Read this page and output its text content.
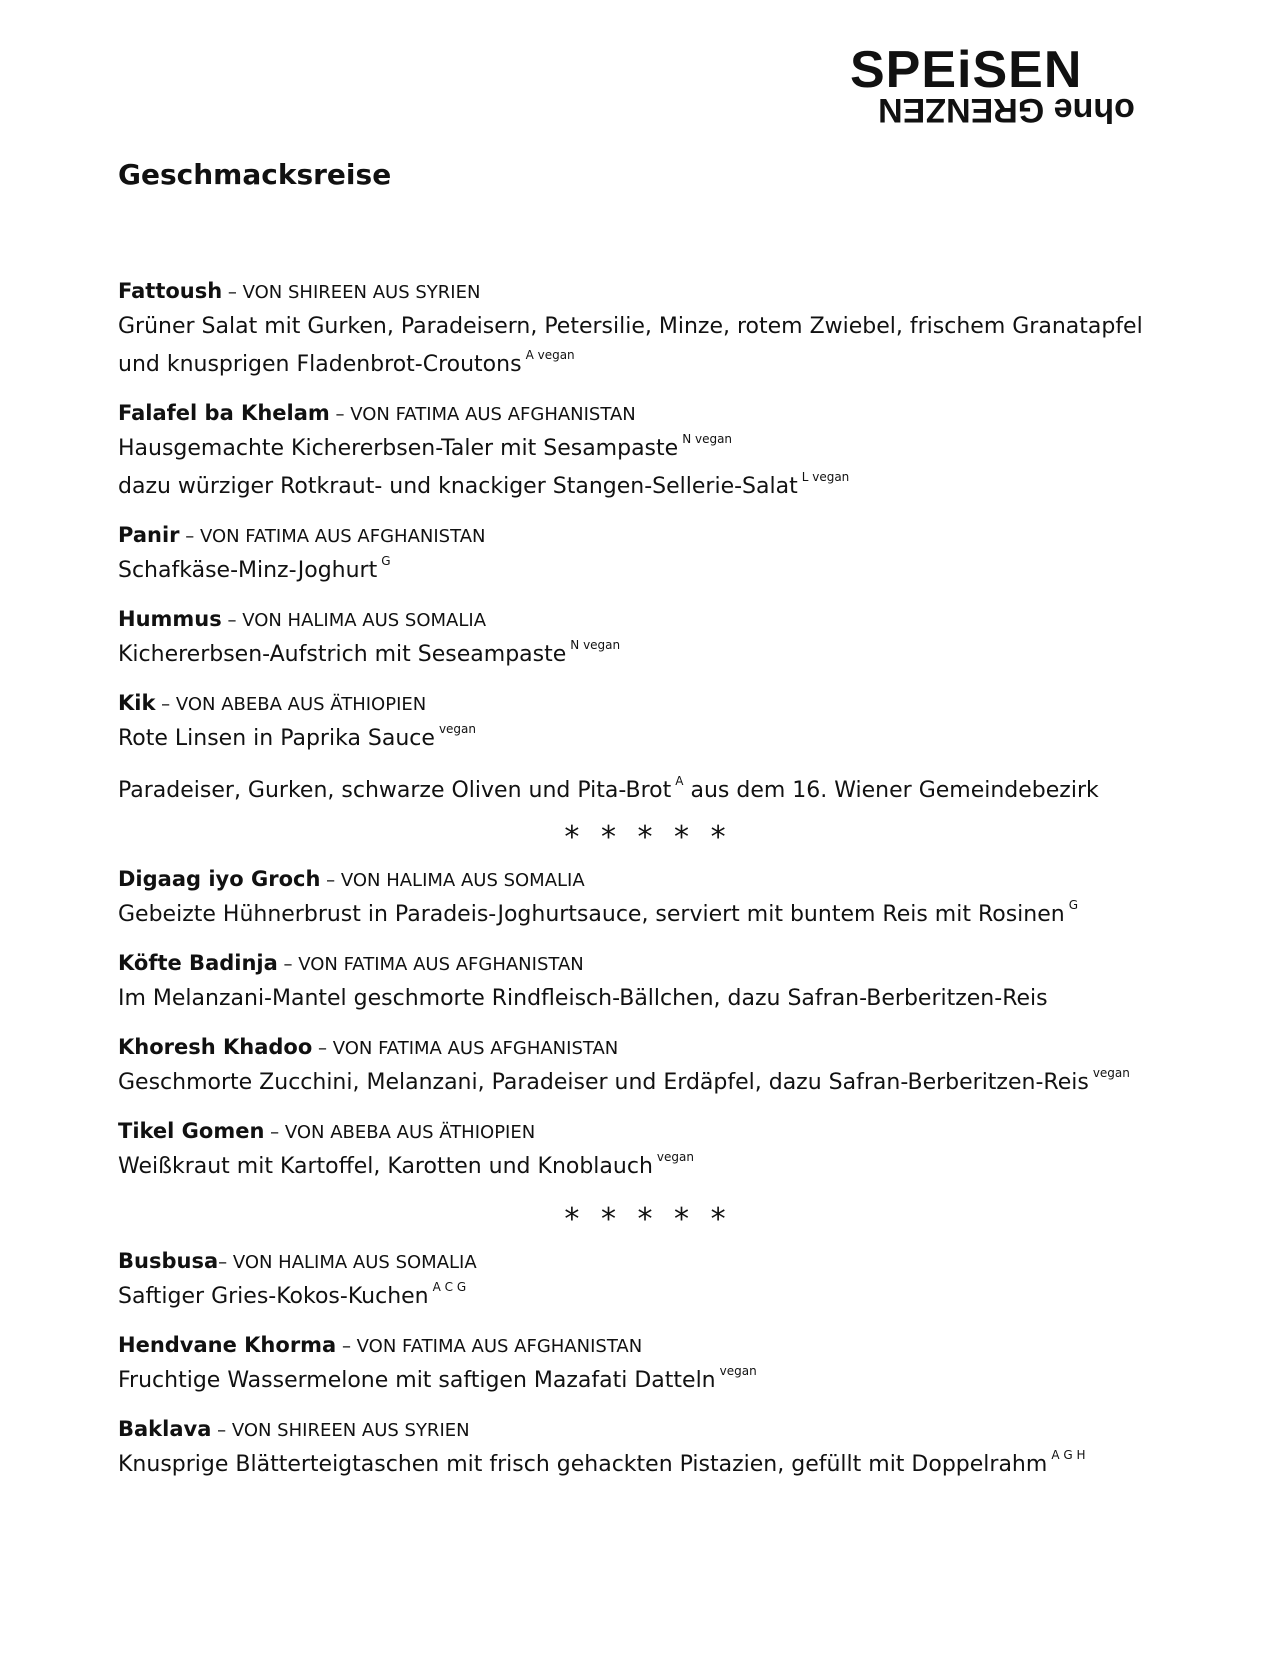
SPEiSEN
ohne GRENZEN
Geschmacksreise
Fattoush – VON SHIREEN AUS SYRIEN
Grüner Salat mit Gurken, Paradeisern, Petersilie, Minze, rotem Zwiebel, frischem Granatapfel
und knusprigen Fladenbrot-Croutons $^{A vegan}$
Falafel ba Khelam – VON FATIMA AUS AFGHANISTAN
Hausgemachte Kichererbsen-Taler mit Sesampaste $^{N vegan}$
dazu würziger Rotkraut- und knackiger Stangen-Sellerie-Salat $^{L vegan}$
Panir – VON FATIMA AUS AFGHANISTAN
Schafkäse-Minz-Joghurt $^G$
Hummus – VON HALIMA AUS SOMALIA
Kichererbsen-Aufstrich mit Seseampaste $^{N vegan}$
Kik – VON ABEBA AUS ÄTHIOPIEN
Rote Linsen in Paprika Sauce $^{vegan}$
Paradeiser, Gurken, schwarze Oliven und Pita-Brot $^A$ aus dem 16. Wiener Gemeindebezirk
* * * * *
Digaag iyo Groch – VON HALIMA AUS SOMALIA
Gebeizte Hühnerbrust in Paradeis-Joghurtsauce, serviert mit buntem Reis mit Rosinen $^G$
Köfte Badinja – VON FATIMA AUS AFGHANISTAN
Im Melanzani-Mantel geschmorte Rindfleisch-Bällchen, dazu Safran-Berberitzen-Reis
Khoresh Khadoo – VON FATIMA AUS AFGHANISTAN
Geschmorte Zucchini, Melanzani, Paradeiser und Erdäpfel, dazu Safran-Berberitzen-Reis $^{vegan}$
Tikel Gomen – VON ABEBA AUS ÄTHIOPIEN
Weißkraut mit Kartoffel, Karotten und Knoblauch $^{vegan}$
* * * * *
Busbusa– VON HALIMA AUS SOMALIA
Saftiger Gries-Kokos-Kuchen $^{A C G}$
Hendvane Khorma – VON FATIMA AUS AFGHANISTAN
Fruchtige Wassermelone mit saftigen Mazafati Datteln $^{vegan}$
Baklava – VON SHIREEN AUS SYRIEN
Knusprige Blätterteigtaschen mit frisch gehackten Pistazien, gefüllt mit Doppelrahm $^{A G H}$
